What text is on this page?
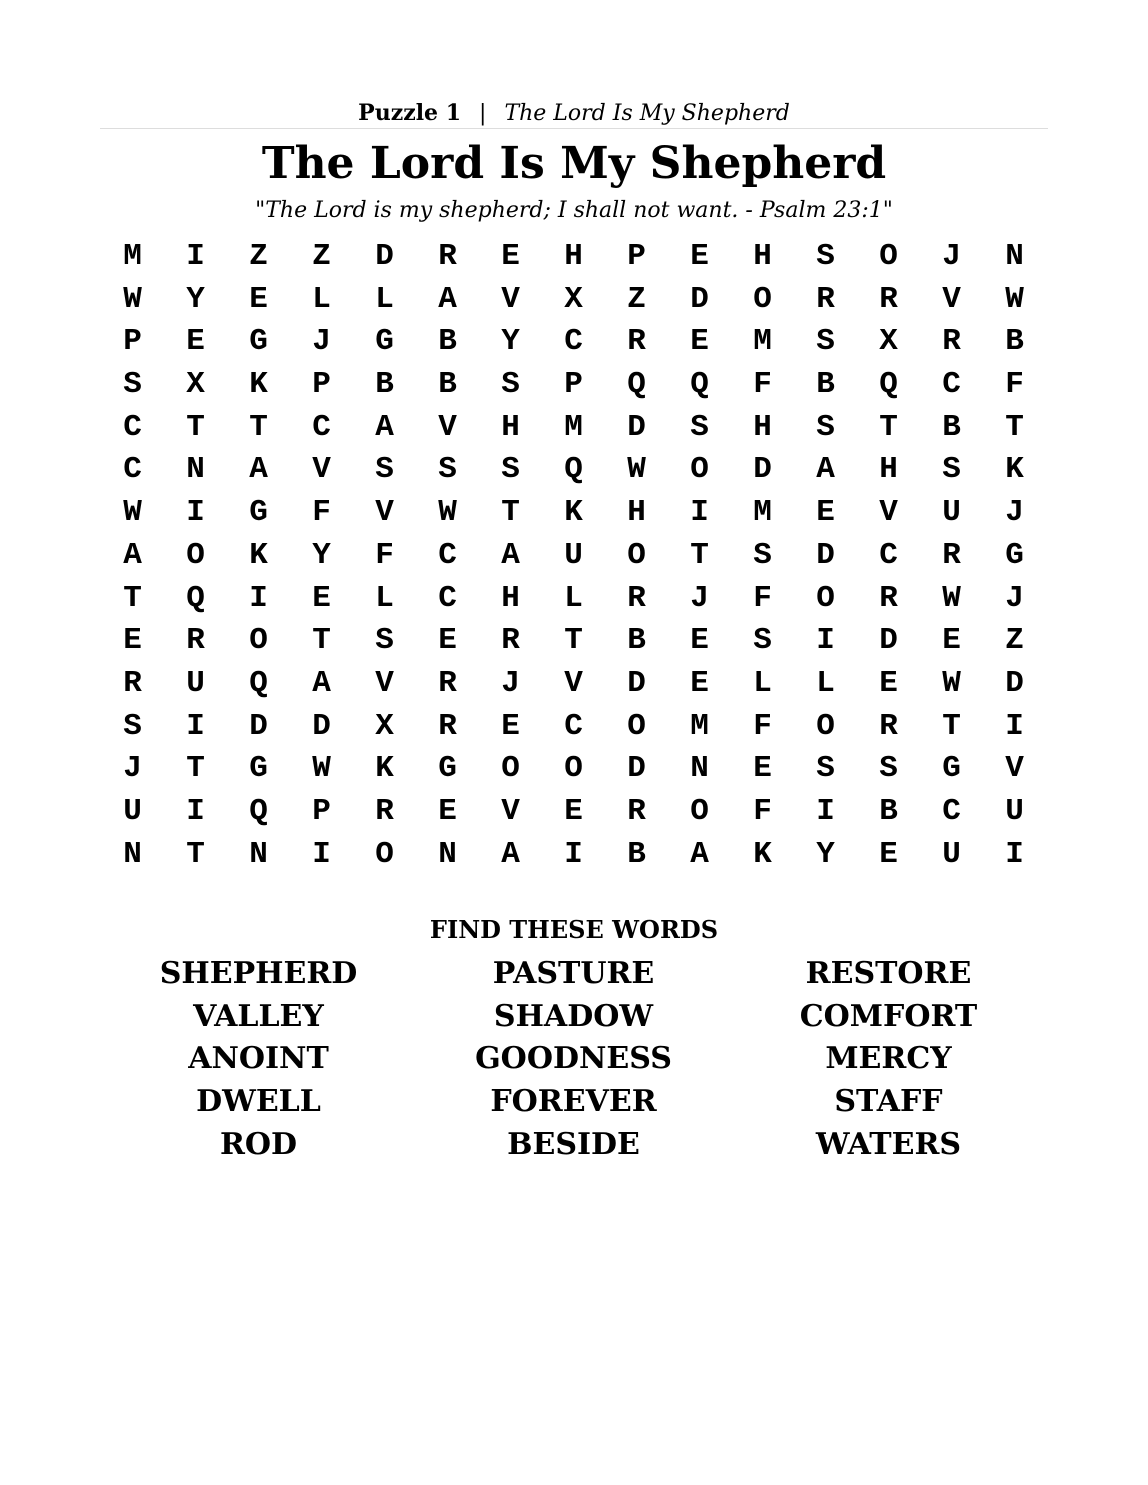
Puzzle 1 | The Lord Is My Shepherd
The Lord Is My Shepherd
"The Lord is my shepherd; I shall not want. - Psalm 23:1"
M	I	Z	Z	D	R	E	H	P	E	H	S	O	J	N
W	Y	E	L	L	A	V	X	Z	D	O	R	R	V	W
P	E	G	J	G	B	Y	C	R	E	M	S	X	R	B
S	X	K	P	B	B	S	P	Q	Q	F	B	Q	C	F
C	T	T	C	A	V	H	M	D	S	H	S	T	B	T
C	N	A	V	S	S	S	Q	W	O	D	A	H	S	K
W	I	G	F	V	W	T	K	H	I	M	E	V	U	J
A	O	K	Y	F	C	A	U	O	T	S	D	C	R	G
T	Q	I	E	L	C	H	L	R	J	F	O	R	W	J
E	R	O	T	S	E	R	T	B	E	S	I	D	E	Z
R	U	Q	A	V	R	J	V	D	E	L	L	E	W	D
S	I	D	D	X	R	E	C	O	M	F	O	R	T	I
J	T	G	W	K	G	O	O	D	N	E	S	S	G	V
U	I	Q	P	R	E	V	E	R	O	F	I	B	C	U
N	T	N	I	O	N	A	I	B	A	K	Y	E	U	I
FIND THESE WORDS
SHEPHERD	PASTURE	RESTORE
VALLEY	SHADOW	COMFORT
ANOINT	GOODNESS	MERCY
DWELL	FOREVER	STAFF
ROD	BESIDE	WATERS
